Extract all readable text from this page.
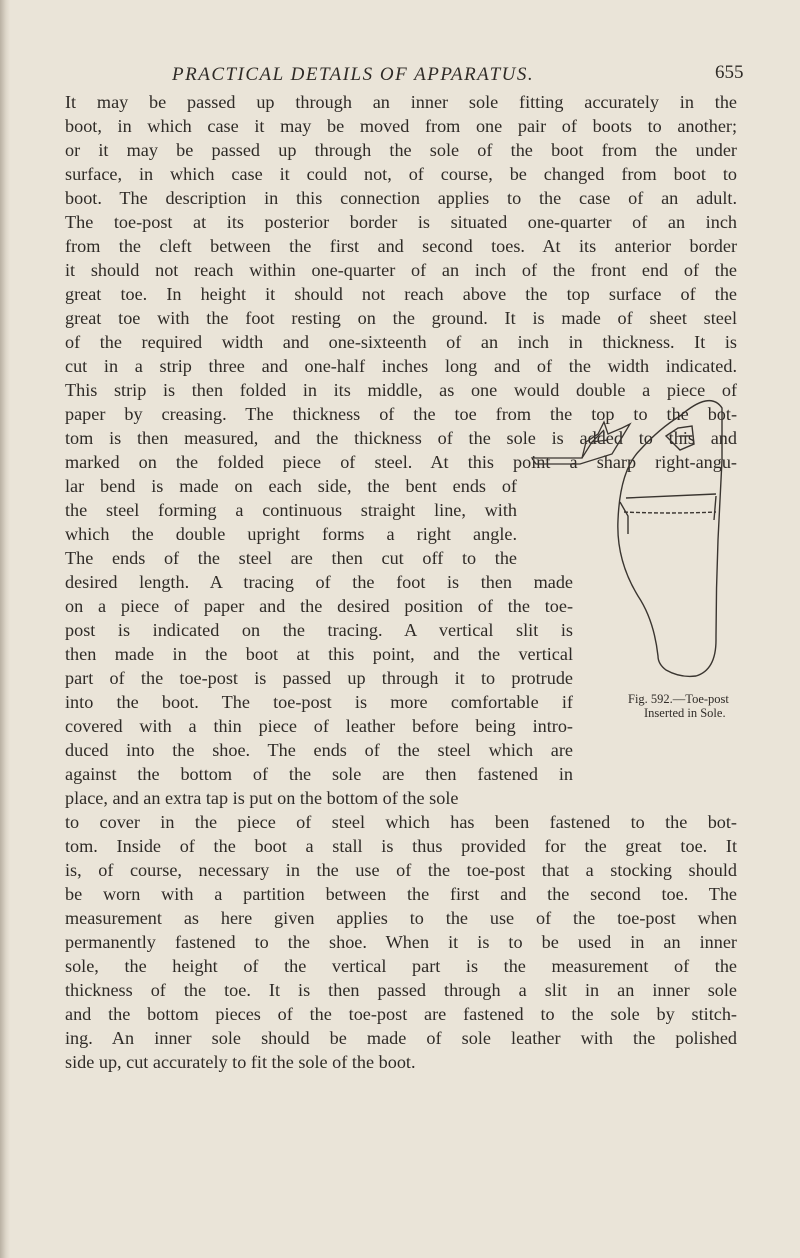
PRACTICAL DETAILS OF APPARATUS.	655
It may be passed up through an inner sole fitting accurately in the
boot, in which case it may be moved from one pair of boots to another;
or it may be passed up through the sole of the boot from the under
surface, in which case it could not, of course, be changed from boot to
boot. The description in this connection applies to the case of an adult.
The toe-post at its posterior border is situated one-quarter of an inch
from the cleft between the first and second toes. At its anterior border
it should not reach within one-quarter of an inch of the front end of the
great toe. In height it should not reach above the top surface of the
great toe with the foot resting on the ground. It is made of sheet steel
of the required width and one-sixteenth of an inch in thickness. It is
cut in a strip three and one-half inches long and of the width indicated.
This strip is then folded in its middle, as one would double a piece of
paper by creasing. The thickness of the toe from the top to the bot-
tom is then measured, and the thickness of the sole is added to this and
marked on the folded piece of steel. At this point a sharp right-angu-
lar bend is made on each side, the bent ends of
the steel forming a continuous straight line, with
which the double upright forms a right angle.
The ends of the steel are then cut off to the
desired length. A tracing of the foot is then made
on a piece of paper and the desired position of the toe-
post is indicated on the tracing. A vertical slit is
then made in the boot at this point, and the vertical
part of the toe-post is passed up through it to protrude
into the boot. The toe-post is more comfortable if
covered with a thin piece of leather before being intro-
duced into the shoe. The ends of the steel which are
against the bottom of the sole are then fastened in
place, and an extra tap is put on the bottom of the sole
to cover in the piece of steel which has been fastened to the bot-
tom. Inside of the boot a stall is thus provided for the great toe. It
is, of course, necessary in the use of the toe-post that a stocking should
be worn with a partition between the first and the second toe. The
measurement as here given applies to the use of the toe-post when
permanently fastened to the shoe. When it is to be used in an inner
sole, the height of the vertical part is the measurement of the
thickness of the toe. It is then passed through a slit in an inner sole
and the bottom pieces of the toe-post are fastened to the sole by stitch-
ing. An inner sole should be made of sole leather with the polished
side up, cut accurately to fit the sole of the boot.
Fig. 592.—Toe-post
Inserted in Sole.
